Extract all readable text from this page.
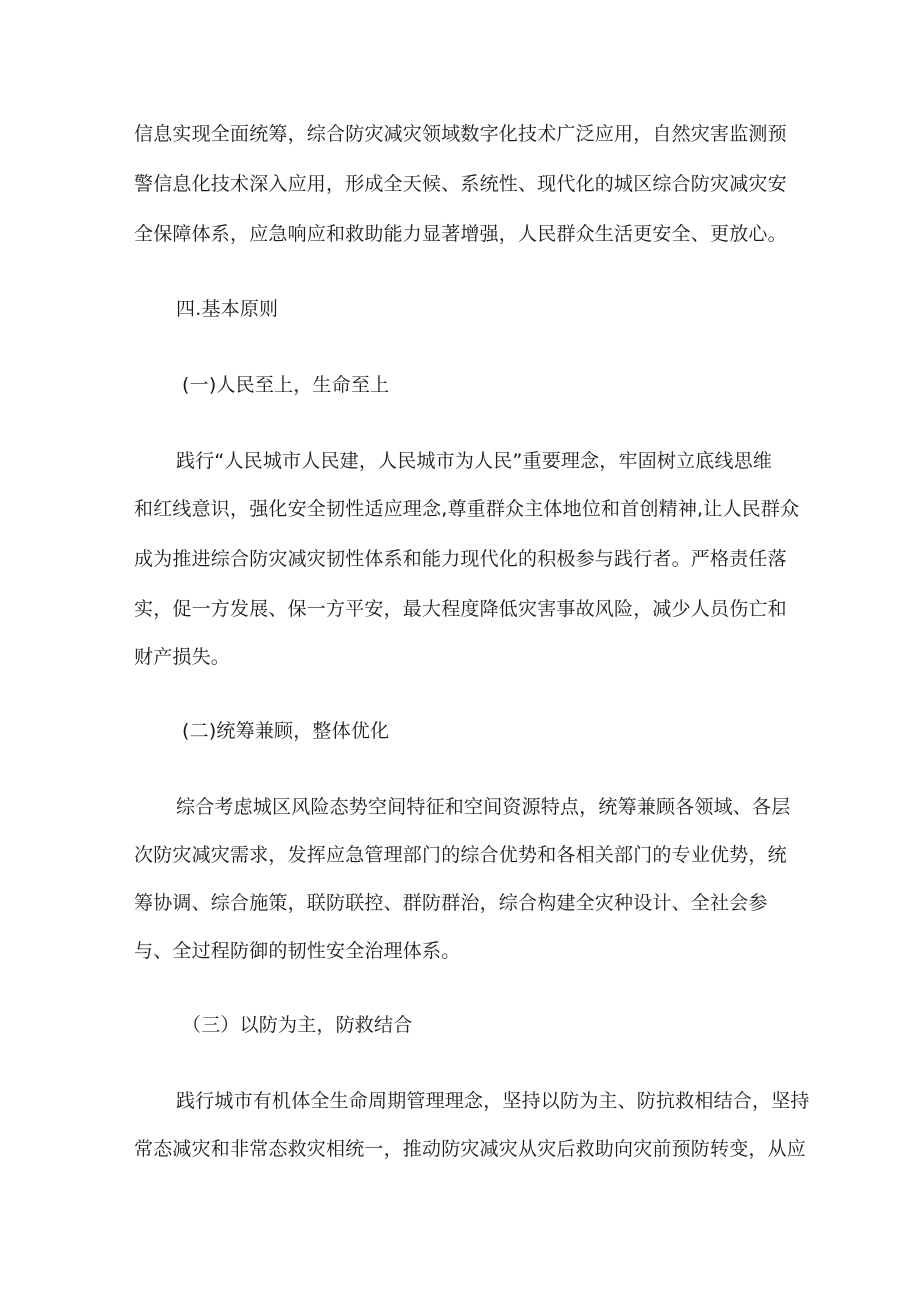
信息实现全面统筹，综合防灾减灾领域数字化技术广泛应用，自然灾害监测预
警信息化技术深入应用，形成全天候、系统性、现代化的城区综合防灾减灾安
全保障体系，应急响应和救助能力显著增强，人民群众生活更安全、更放心。
四.基本原则
(一)人民至上，生命至上
践行“人民城市人民建，人民城市为人民”重要理念，牢固树立底线思维
和红线意识，强化安全韧性适应理念,尊重群众主体地位和首创精神,让人民群众
成为推进综合防灾减灾韧性体系和能力现代化的积极参与践行者。严格责任落
实，促一方发展、保一方平安，最大程度降低灾害事故风险，减少人员伤亡和
财产损失。
(二)统筹兼顾，整体优化
综合考虑城区风险态势空间特征和空间资源特点，统筹兼顾各领域、各层
次防灾减灾需求，发挥应急管理部门的综合优势和各相关部门的专业优势，统
筹协调、综合施策，联防联控、群防群治，综合构建全灾种设计、全社会参
与、全过程防御的韧性安全治理体系。
（三）以防为主，防救结合
践行城市有机体全生命周期管理理念，坚持以防为主、防抗救相结合，坚持
常态减灾和非常态救灾相统一，推动防灾减灾从灾后救助向灾前预防转变，从应
